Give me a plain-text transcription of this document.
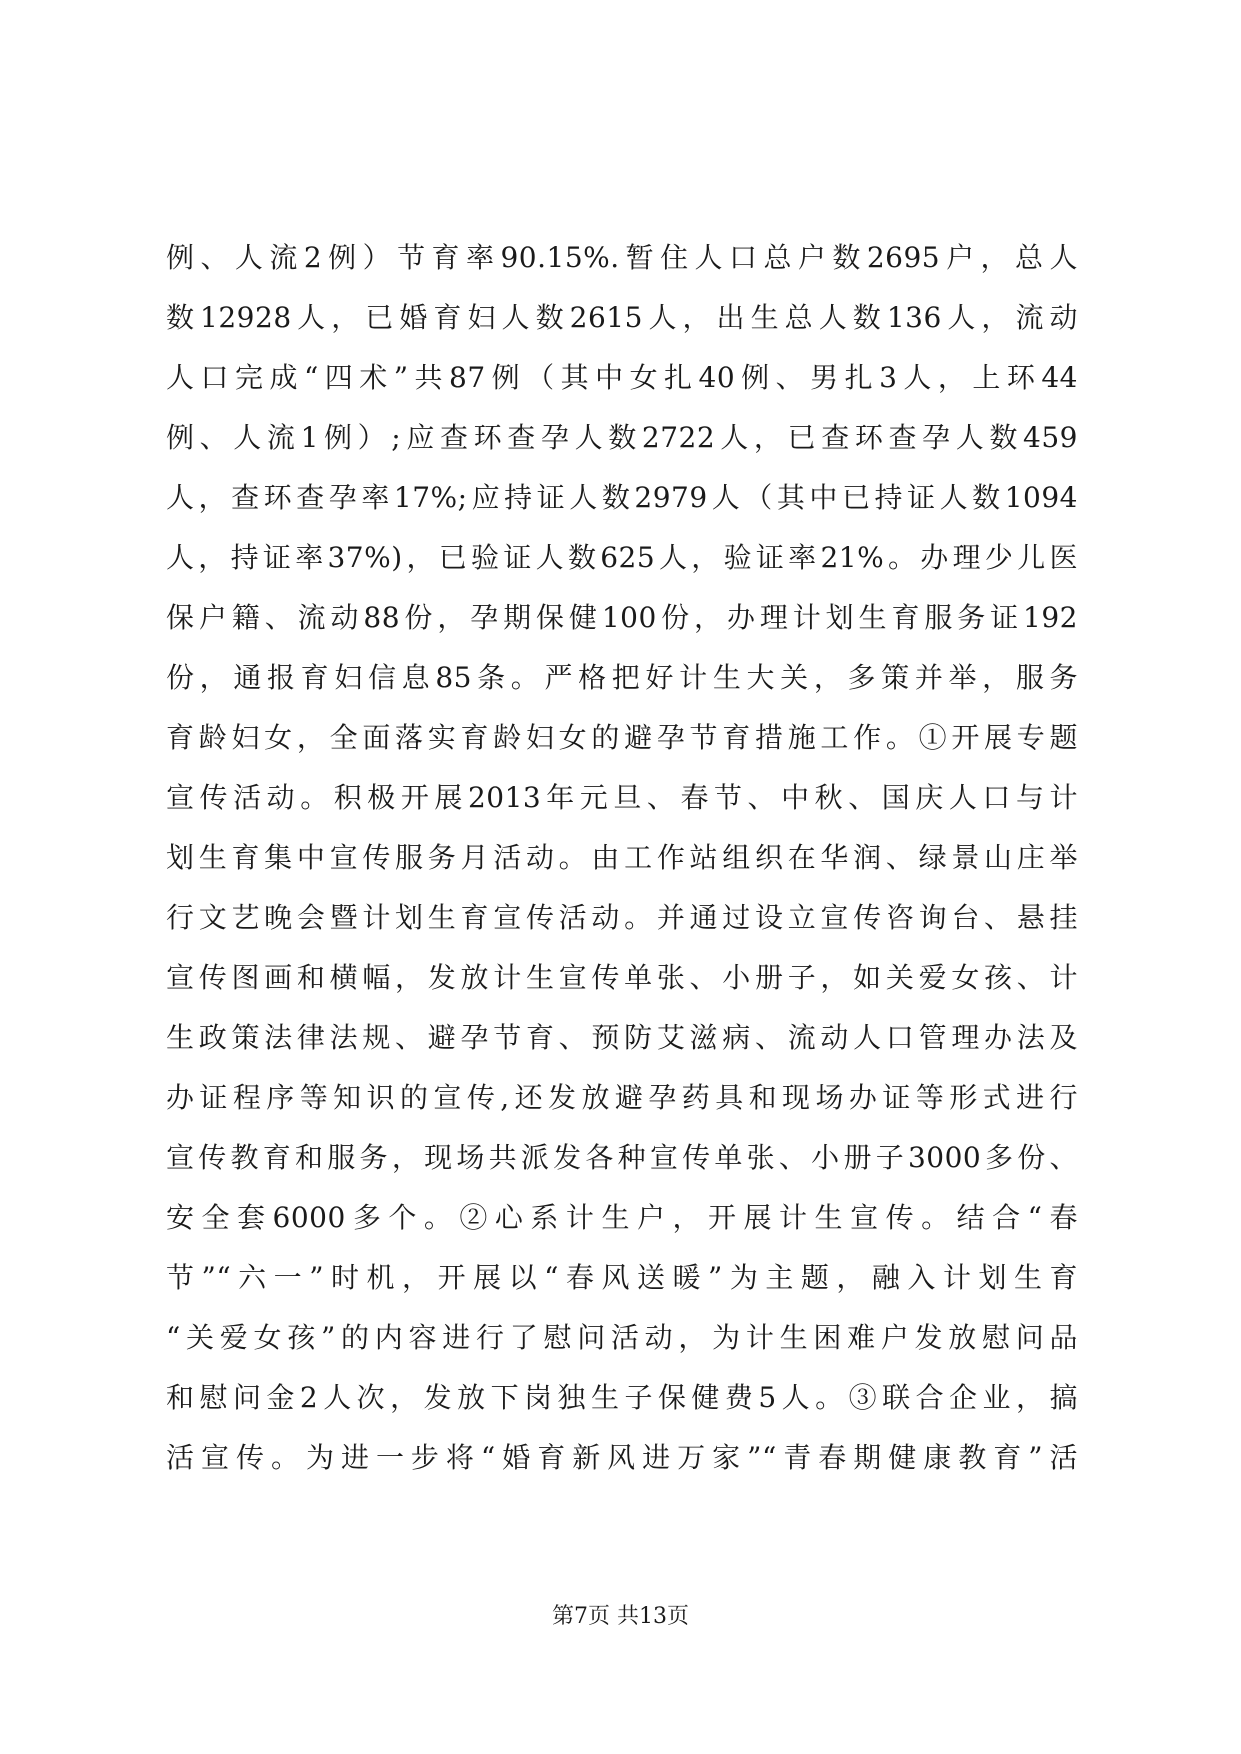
例、人流2例）节育率90.15%.暂住人口总户数2695户，总人
数12928人，已婚育妇人数2615人，出生总人数136人，流动
人口完成“四术”共87例（其中女扎40例、男扎3人，上环44
例、人流1例）;应查环查孕人数2722人，已查环查孕人数459
人，查环查孕率17%;应持证人数2979人（其中已持证人数1094
人，持证率37%)，已验证人数625人，验证率21%。办理少儿医
保户籍、流动88份，孕期保健100份，办理计划生育服务证192
份，通报育妇信息85条。严格把好计生大关，多策并举，服务
育龄妇女，全面落实育龄妇女的避孕节育措施工作。①开展专题
宣传活动。积极开展2013年元旦、春节、中秋、国庆人口与计
划生育集中宣传服务月活动。由工作站组织在华润、绿景山庄举
行文艺晚会暨计划生育宣传活动。并通过设立宣传咨询台、悬挂
宣传图画和横幅，发放计生宣传单张、小册子，如关爱女孩、计
生政策法律法规、避孕节育、预防艾滋病、流动人口管理办法及
办证程序等知识的宣传,还发放避孕药具和现场办证等形式进行
宣传教育和服务，现场共派发各种宣传单张、小册子3000多份、
安全套6000多个。②心系计生户，开展计生宣传。结合“春
节”“六一”时机，开展以“春风送暖”为主题，融入计划生育
“关爱女孩”的内容进行了慰问活动，为计生困难户发放慰问品
和慰问金2人次，发放下岗独生子保健费5人。③联合企业，搞
活宣传。为进一步将“婚育新风进万家”“青春期健康教育”活
第7页 共13页
